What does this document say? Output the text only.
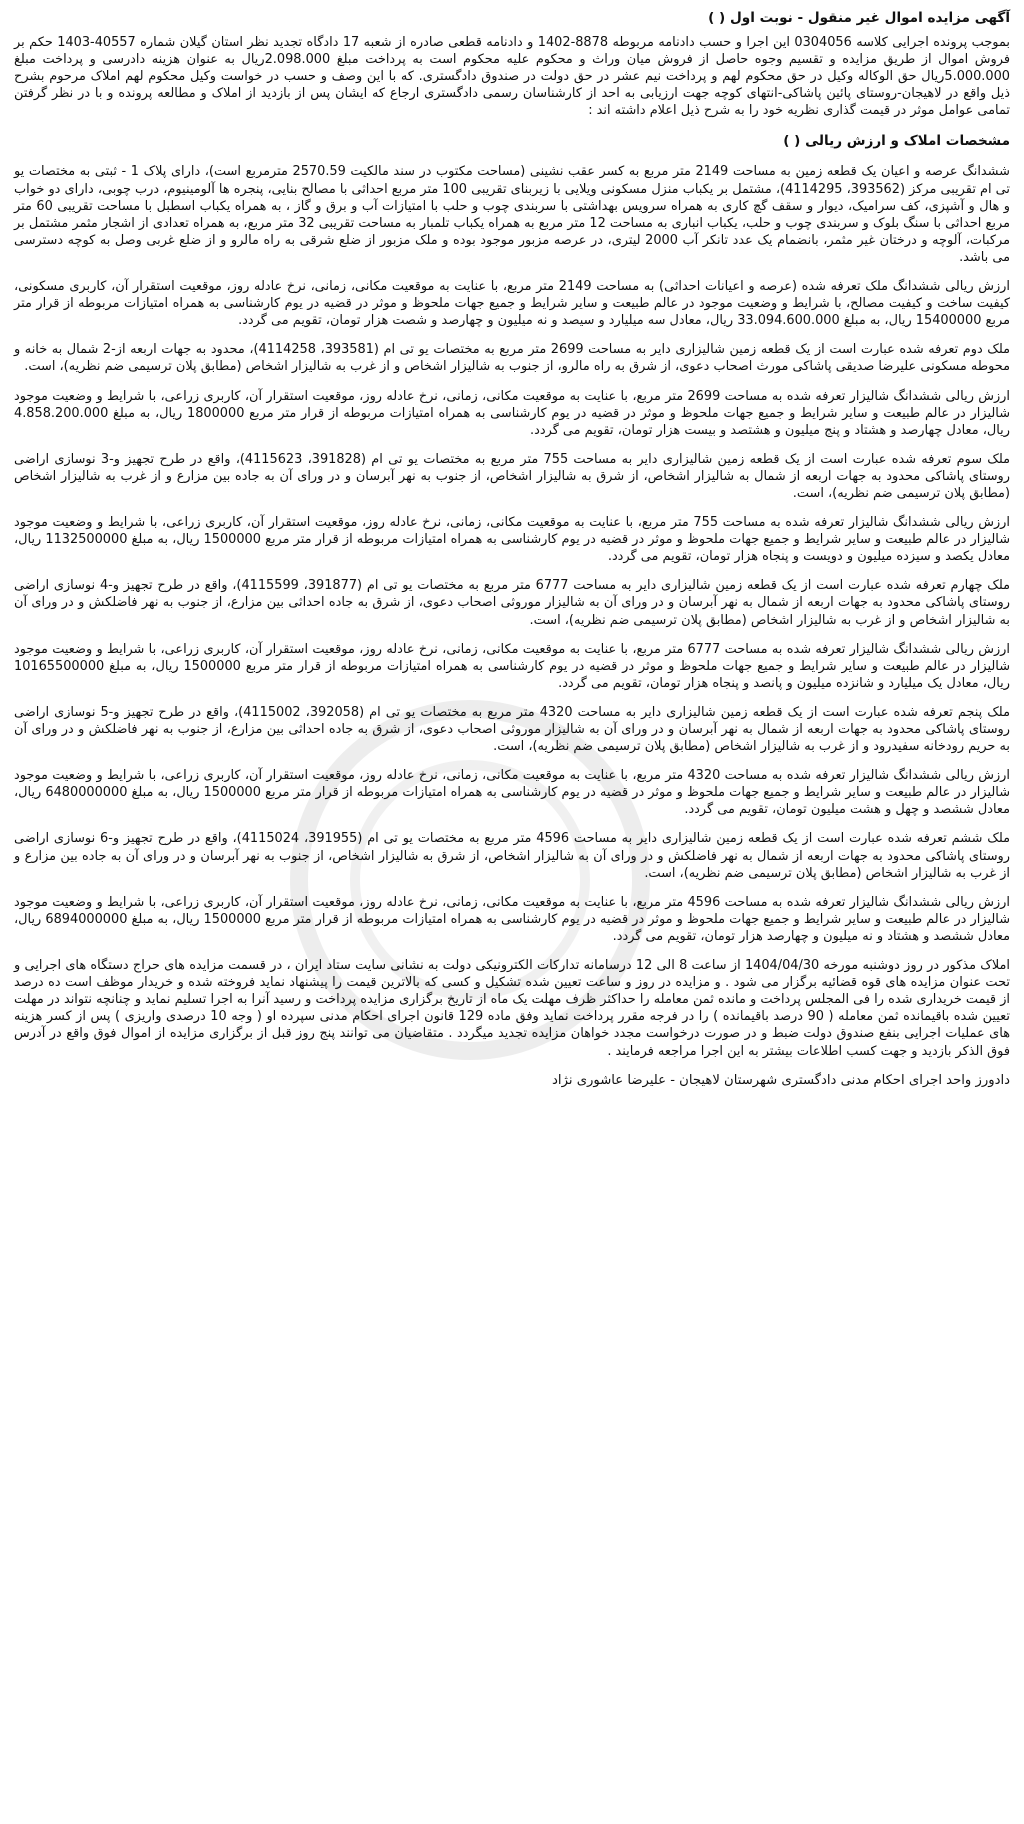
آگهی مزایده اموال غیر منقول - نوبت اول ( )

بموجب پرونده اجرایی کلاسه 0304056 این اجرا و حسب دادنامه مربوطه 8878-1402 و دادنامه قطعی صادره از شعبه 17 دادگاه تجدید نظر استان گیلان شماره 40557-1403 حکم بر فروش اموال از طریق مزایده و تقسیم وجوه حاصل از فروش میان وراث و محکوم علیه محکوم است به پرداخت مبلغ 2.098.000ریال به عنوان هزینه دادرسی و پرداخت مبلغ 5.000.000ریال حق الوکاله وکیل در حق محکوم لهم و پرداخت نیم عشر در حق دولت در صندوق دادگستری. که با این وصف و حسب در خواست وکیل محکوم لهم املاک مرحوم بشرح ذیل واقع در لاهیجان-روستای پائین پاشاکی-انتهای کوچه جهت ارزیابی به احد از کارشناسان رسمی دادگستری ارجاع که ایشان پس از بازدید از املاک و مطالعه پرونده و با در نظر گرفتن تمامی عوامل موثر در قیمت گذاری نظریه خود را به شرح ذیل اعلام داشته اند :

مشخصات املاک و ارزش ریالی ( )

ششدانگ عرصه و اعیان یک قطعه زمین به مساحت 2149 متر مربع به کسر عقب نشینی (مساحت مکتوب در سند مالکیت 2570.59 مترمربع است)، دارای پلاک 1 - ثبتی به مختصات یو تی ام تقریبی مرکز (393562، 4114295)، مشتمل بر یکباب منزل مسکونی ویلایی با زیربنای تقریبی 100 متر مربع احداثی با مصالح بنایی، پنجره ها آلومینیوم، درب چوبی، دارای دو خواب و هال و آشپزی، کف سرامیک، دیوار و سقف گچ کاری به همراه سرویس بهداشتی با سربندی چوب و حلب با امتیازات آب و برق و گاز ، به همراه یکباب اسطبل با مساحت تقریبی 60 متر مربع احداثی با سنگ بلوک و سربندی چوب و حلب، یکباب انباری به مساحت 12 متر مربع به همراه یکباب تلمبار به مساحت تقریبی 32 متر مربع، به همراه تعدادی از اشجار مثمر مشتمل بر مرکبات، آلوچه و درختان غیر مثمر، بانضمام یک عدد تانکر آب 2000 لیتری، در عرصه مزبور موجود بوده و ملک مزبور از ضلع شرقی به راه مالرو و از ضلع غربی وصل به کوچه دسترسی می باشد.

ارزش ریالی ششدانگ ملک تعرفه شده (عرصه و اعیانات احداثی) به مساحت 2149 متر مربع، با عنایت به موقعیت مکانی، زمانی، نرخ عادله روز، موقعیت استقرار آن، کاربری مسکونی، کیفیت ساخت و کیفیت مصالح، با شرایط و وضعیت موجود در عالم طبیعت و سایر شرایط و جمیع جهات ملحوظ و موثر در قضیه در یوم کارشناسی به همراه امتیازات مربوطه از قرار متر مربع 15400000 ریال، به مبلغ 33.094.600.000 ریال، معادل سه میلیارد و سیصد و نه میلیون و چهارصد و شصت هزار تومان، تقویم می گردد.

ملک دوم تعرفه شده عبارت است از یک قطعه زمین شالیزاری دایر به مساحت 2699 متر مربع به مختصات یو تی ام (393581، 4114258)، محدود به جهات اربعه از-2 شمال به خانه و محوطه مسکونی علیرضا صدیقی پاشاکی مورث اصحاب دعوی، از شرق به راه مالرو، از جنوب به شالیزار اشخاص و از غرب به شالیزار اشخاص (مطابق پلان ترسیمی ضم نظریه)، است.

ارزش ریالی ششدانگ شالیزار تعرفه شده به مساحت 2699 متر مربع، با عنایت به موقعیت مکانی، زمانی، نرخ عادله روز، موقعیت استقرار آن، کاربری زراعی، با شرایط و وضعیت موجود شالیزار در عالم طبیعت و سایر شرایط و جمیع جهات ملحوظ و موثر در قضیه در یوم کارشناسی به همراه امتیازات مربوطه از قرار متر مربع 1800000 ریال، به مبلغ 4.858.200.000 ریال، معادل چهارصد و هشتاد و پنج میلیون و هشتصد و بیست هزار تومان، تقویم می گردد.

ملک سوم تعرفه شده عبارت است از یک قطعه زمین شالیزاری دایر به مساحت 755 متر مربع به مختصات یو تی ام (391828، 4115623)، واقع در طرح تجهیز و-3 نوسازی اراضی روستای پاشاکی محدود به جهات اربعه از شمال به شالیزار اشخاص، از شرق به شالیزار اشخاص، از جنوب به نهر آبرسان و در ورای آن به جاده بین مزارع و از غرب به شالیزار اشخاص (مطابق پلان ترسیمی ضم نظریه)، است.

ارزش ریالی ششدانگ شالیزار تعرفه شده به مساحت 755 متر مربع، با عنایت به موقعیت مکانی، زمانی، نرخ عادله روز، موقعیت استقرار آن، کاربری زراعی، با شرایط و وضعیت موجود شالیزار در عالم طبیعت و سایر شرایط و جمیع جهات ملحوظ و موثر در قضیه در یوم کارشناسی به همراه امتیازات مربوطه از قرار متر مربع 1500000 ریال، به مبلغ 1132500000 ریال، معادل یکصد و سیزده میلیون و دویست و پنجاه هزار تومان، تقویم می گردد.

ملک چهارم تعرفه شده عبارت است از یک قطعه زمین شالیزاری دایر به مساحت 6777 متر مربع به مختصات یو تی ام (391877، 4115599)، واقع در طرح تجهیز و-4 نوسازی اراضی روستای پاشاکی محدود به جهات اربعه از شمال به نهر آبرسان و در ورای آن به شالیزار موروثی اصحاب دعوی، از شرق به جاده احداثی بین مزارع، از جنوب به نهر فاضلکش و در ورای آن به شالیزار اشخاص و از غرب به شالیزار اشخاص (مطابق پلان ترسیمی ضم نظریه)، است.

ارزش ریالی ششدانگ شالیزار تعرفه شده به مساحت 6777 متر مربع، با عنایت به موقعیت مکانی، زمانی، نرخ عادله روز، موقعیت استقرار آن، کاربری زراعی، با شرایط و وضعیت موجود شالیزار در عالم طبیعت و سایر شرایط و جمیع جهات ملحوظ و موثر در قضیه در یوم کارشناسی به همراه امتیازات مربوطه از قرار متر مربع 1500000 ریال، به مبلغ 10165500000 ریال، معادل یک میلیارد و شانزده میلیون و پانصد و پنجاه هزار تومان، تقویم می گردد.

ملک پنجم تعرفه شده عبارت است از یک قطعه زمین شالیزاری دایر به مساحت 4320 متر مربع به مختصات یو تی ام (392058، 4115002)، واقع در طرح تجهیز و-5 نوسازی اراضی روستای پاشاکی محدود به جهات اربعه از شمال به نهر آبرسان و در ورای آن به شالیزار موروثی اصحاب دعوی، از شرق به جاده احداثی بین مزارع، از جنوب به نهر فاضلکش و در ورای آن به حریم رودخانه سفیدرود و از غرب به شالیزار اشخاص (مطابق پلان ترسیمی ضم نظریه)، است.

ارزش ریالی ششدانگ شالیزار تعرفه شده به مساحت 4320 متر مربع، با عنایت به موقعیت مکانی، زمانی، نرخ عادله روز، موقعیت استقرار آن، کاربری زراعی، با شرایط و وضعیت موجود شالیزار در عالم طبیعت و سایر شرایط و جمیع جهات ملحوظ و موثر در قضیه در یوم کارشناسی به همراه امتیازات مربوطه از قرار متر مربع 1500000 ریال، به مبلغ 6480000000 ریال، معادل ششصد و چهل و هشت میلیون تومان، تقویم می گردد.

ملک ششم تعرفه شده عبارت است از یک قطعه زمین شالیزاری دایر به مساحت 4596 متر مربع به مختصات یو تی ام (391955، 4115024)، واقع در طرح تجهیز و-6 نوسازی اراضی روستای پاشاکی محدود به جهات اربعه از شمال به نهر فاضلکش و در ورای آن به شالیزار اشخاص، از شرق به شالیزار اشخاص، از جنوب به نهر آبرسان و در ورای آن به جاده بین مزارع و از غرب به شالیزار اشخاص (مطابق پلان ترسیمی ضم نظریه)، است.

ارزش ریالی ششدانگ شالیزار تعرفه شده به مساحت 4596 متر مربع، با عنایت به موقعیت مکانی، زمانی، نرخ عادله روز، موقعیت استقرار آن، کاربری زراعی، با شرایط و وضعیت موجود شالیزار در عالم طبیعت و سایر شرایط و جمیع جهات ملحوظ و موثر در قضیه در یوم کارشناسی به همراه امتیازات مربوطه از قرار متر مربع 1500000 ریال، به مبلغ 6894000000 ریال، معادل ششصد و هشتاد و نه میلیون و چهارصد هزار تومان، تقویم می گردد.

املاک مذکور در روز دوشنبه مورخه 1404/04/30 از ساعت 8 الی 12 درسامانه تدارکات الکترونیکی دولت به نشانی سایت ستاد ایران ، در قسمت مزایده های حراج دستگاه های اجرایی و تحت عنوان مزایده های قوه قضائیه برگزار می شود . و مزایده در روز و ساعت تعیین شده تشکیل و کسی که بالاترین قیمت را پیشنهاد نماید فروخته شده و خریدار موظف است ده درصد از قیمت خریداری شده را فی المجلس پرداخت و مانده ثمن معامله را حداکثر ظرف مهلت یک ماه از تاریخ برگزاری مزایده پرداخت و رسید آنرا به اجرا تسلیم نماید و چنانچه نتواند در مهلت تعیین شده باقیمانده ثمن معامله ( 90 درصد باقیمانده ) را در فرجه مقرر پرداخت نماید وفق ماده 129 قانون اجرای احکام مدنی سپرده او ( وجه 10 درصدی واریزی ) پس از کسر هزینه های عملیات اجرایی بنفع صندوق دولت ضبط و در صورت درخواست مجدد خواهان مزایده تجدید میگردد . متقاضیان می توانند پنج روز قبل از برگزاری مزایده از اموال فوق واقع در آدرس فوق الذکر بازدید و جهت کسب اطلاعات بیشتر به این اجرا مراجعه فرمایند .

دادورز واحد اجرای احکام مدنی دادگستری شهرستان لاهیجان - علیرضا عاشوری نژاد
